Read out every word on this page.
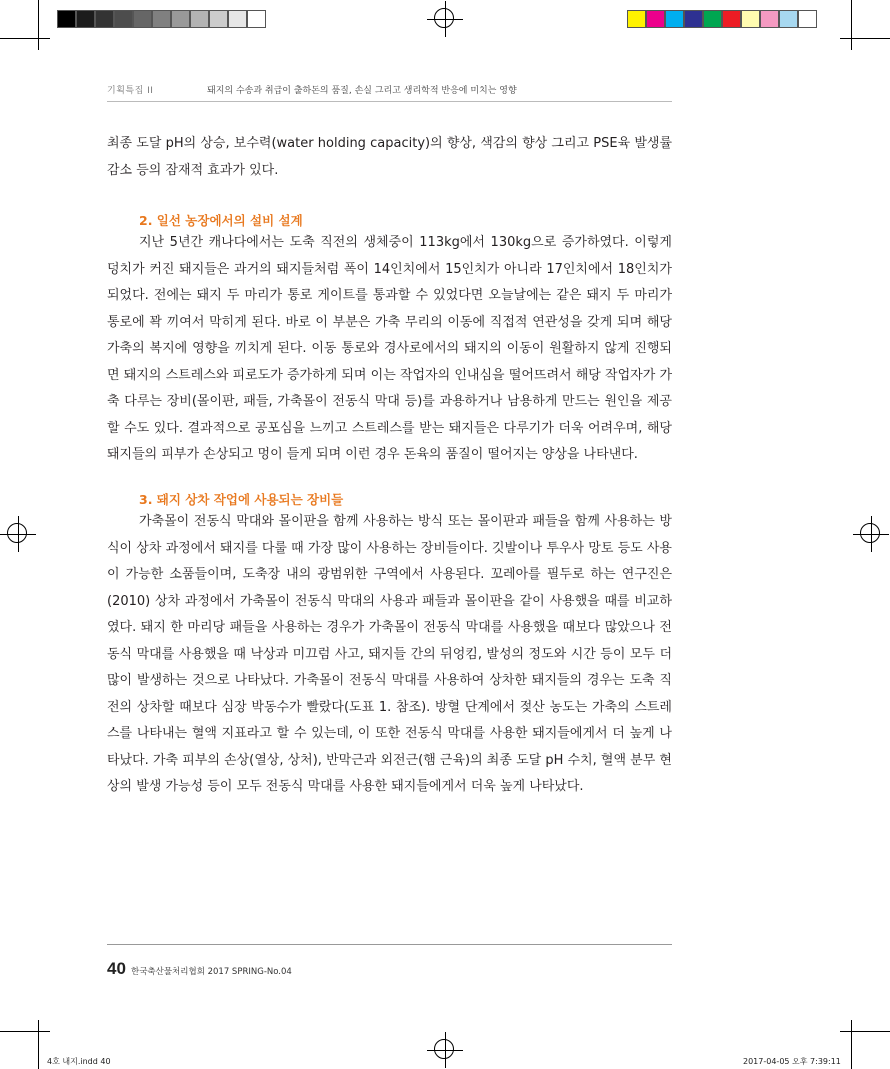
기획특집 II	돼지의 수송과 취급이 출하돈의 품질, 손실 그리고 생리학적 반응에 미치는 영향

최종 도달 pH의 상승, 보수력(water holding capacity)의 향상, 색감의 향상 그리고 PSE육 발생률 감소 등의 잠재적 효과가 있다.

2. 일선 농장에서의 설비 설계

지난 5년간 캐나다에서는 도축 직전의 생체중이 113kg에서 130kg으로 증가하였다. 이렇게 덩치가 커진 돼지들은 과거의 돼지들처럼 폭이 14인치에서 15인치가 아니라 17인치에서 18인치가 되었다. 전에는 돼지 두 마리가 통로 게이트를 통과할 수 있었다면 오늘날에는 같은 돼지 두 마리가 통로에 꽉 끼여서 막히게 된다. 바로 이 부분은 가축 무리의 이동에 직접적 연관성을 갖게 되며 해당 가축의 복지에 영향을 끼치게 된다. 이동 통로와 경사로에서의 돼지의 이동이 원활하지 않게 진행되면 돼지의 스트레스와 피로도가 증가하게 되며 이는 작업자의 인내심을 떨어뜨려서 해당 작업자가 가축 다루는 장비(몰이판, 패들, 가축몰이 전동식 막대 등)를 과용하거나 남용하게 만드는 원인을 제공할 수도 있다. 결과적으로 공포심을 느끼고 스트레스를 받는 돼지들은 다루기가 더욱 어려우며, 해당 돼지들의 피부가 손상되고 멍이 들게 되며 이런 경우 돈육의 품질이 떨어지는 양상을 나타낸다.

3. 돼지 상차 작업에 사용되는 장비들

가축몰이 전동식 막대와 몰이판을 함께 사용하는 방식 또는 몰이판과 패들을 함께 사용하는 방식이 상차 과정에서 돼지를 다룰 때 가장 많이 사용하는 장비들이다. 깃발이나 투우사 망토 등도 사용이 가능한 소품들이며, 도축장 내의 광범위한 구역에서 사용된다. 꼬레아를 필두로 하는 연구진은(2010) 상차 과정에서 가축몰이 전동식 막대의 사용과 패들과 몰이판을 같이 사용했을 때를 비교하였다. 돼지 한 마리당 패들을 사용하는 경우가 가축몰이 전동식 막대를 사용했을 때보다 많았으나 전동식 막대를 사용했을 때 낙상과 미끄럼 사고, 돼지들 간의 뒤엉킴, 발성의 정도와 시간 등이 모두 더 많이 발생하는 것으로 나타났다. 가축몰이 전동식 막대를 사용하여 상차한 돼지들의 경우는 도축 직전의 상차할 때보다 심장 박동수가 빨랐다(도표 1. 참조). 방혈 단계에서 젖산 농도는 가축의 스트레스를 나타내는 혈액 지표라고 할 수 있는데, 이 또한 전동식 막대를 사용한 돼지들에게서 더 높게 나타났다. 가축 피부의 손상(열상, 상처), 반막근과 외전근(햄 근육)의 최종 도달 pH 수치, 혈액 분무 현상의 발생 가능성 등이 모두 전동식 막대를 사용한 돼지들에게서 더욱 높게 나타났다.

40 한국축산물처리협회 2017 SPRING-No.04
4호 내지.indd 40	2017-04-05 오후 7:39:11
